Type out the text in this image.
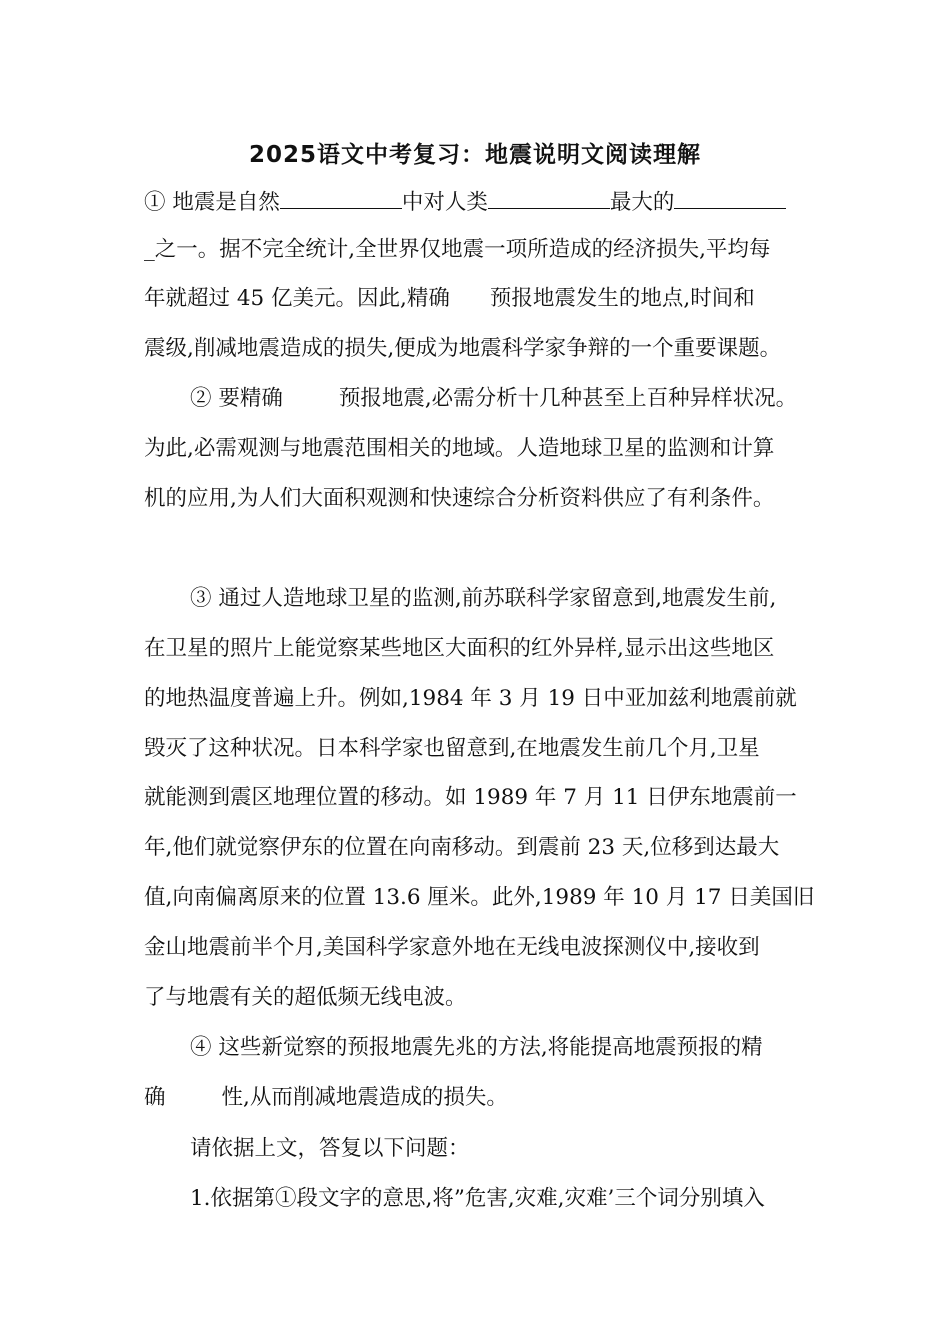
2025语文中考复习：地震说明文阅读理解
① 地震是自然	中对人类	最大的
_之一。据不完全统计,全世界仅地震一项所造成的经济损失,平均每
年就超过 45 亿美元。因此,精确 预报地震发生的地点,时间和
震级,削减地震造成的损失,便成为地震科学家争辩的一个重要课题。
② 要精确	预报地震,必需分析十几种甚至上百种异样状况。
为此,必需观测与地震范围相关的地域。人造地球卫星的监测和计算
机的应用,为人们大面积观测和快速综合分析资料供应了有利条件。
③ 通过人造地球卫星的监测,前苏联科学家留意到,地震发生前,
在卫星的照片上能觉察某些地区大面积的红外异样,显示出这些地区
的地热温度普遍上升。例如,1984 年 3 月 19 日中亚加兹利地震前就
毁灭了这种状况。日本科学家也留意到,在地震发生前几个月,卫星
就能测到震区地理位置的移动。如 1989 年 7 月 11 日伊东地震前一
年,他们就觉察伊东的位置在向南移动。到震前 23 天,位移到达最大
值,向南偏离原来的位置 13.6 厘米。此外,1989 年 10 月 17 日美国旧
金山地震前半个月,美国科学家意外地在无线电波探测仪中,接收到
了与地震有关的超低频无线电波。
④ 这些新觉察的预报地震先兆的方法,将能提高地震预报的精
确	性,从而削减地震造成的损失。
请依据上文，答复以下问题：
1.依据第①段文字的意思,将”危害,灾难,灾难’三个词分别填入
